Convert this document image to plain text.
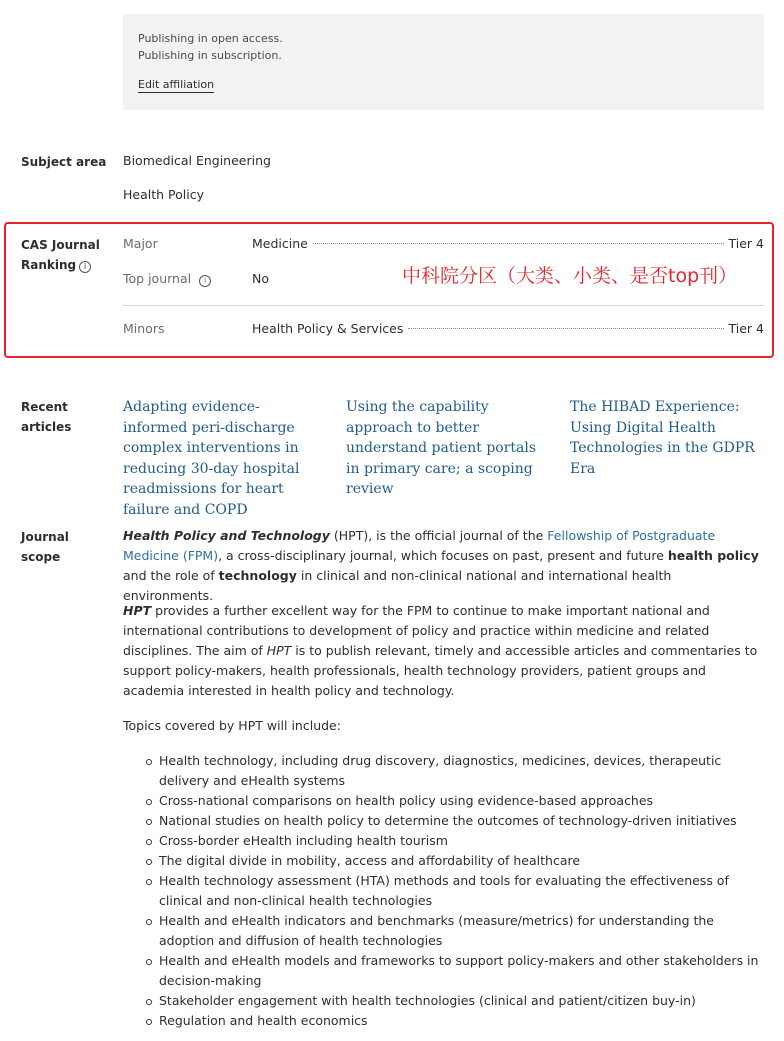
Publishing in open access.
Publishing in subscription.
Edit affiliation
Subject area Biomedical Engineering
Health Policy
CAS Journal
Ranking i
Major	Medicine	Tier 4
Top journal i	No	中科院分区（大类、小类、是否top刊）
Minors	Health Policy & Services	Tier 4
Recent
articles
Adapting evidence-informed peri-discharge complex interventions in reducing 30-day hospital readmissions for heart failure and COPD
Using the capability approach to better understand patient portals in primary care; a scoping review
The HIBAD Experience: Using Digital Health Technologies in the GDPR Era
Journal
scope

Health Policy and Technology (HPT), is the official journal of the Fellowship of Postgraduate Medicine (FPM), a cross-disciplinary journal, which focuses on past, present and future health policy and the role of technology in clinical and non-clinical national and international health environments.

HPT provides a further excellent way for the FPM to continue to make important national and international contributions to development of policy and practice within medicine and related disciplines. The aim of HPT is to publish relevant, timely and accessible articles and commentaries to support policy-makers, health professionals, health technology providers, patient groups and academia interested in health policy and technology.

Topics covered by HPT will include:
Health technology, including drug discovery, diagnostics, medicines, devices, therapeutic delivery and eHealth systems
Cross-national comparisons on health policy using evidence-based approaches
National studies on health policy to determine the outcomes of technology-driven initiatives
Cross-border eHealth including health tourism
The digital divide in mobility, access and affordability of healthcare
Health technology assessment (HTA) methods and tools for evaluating the effectiveness of clinical and non-clinical health technologies
Health and eHealth indicators and benchmarks (measure/metrics) for understanding the adoption and diffusion of health technologies
Health and eHealth models and frameworks to support policy-makers and other stakeholders in decision-making
Stakeholder engagement with health technologies (clinical and patient/citizen buy-in)
Regulation and health economics
